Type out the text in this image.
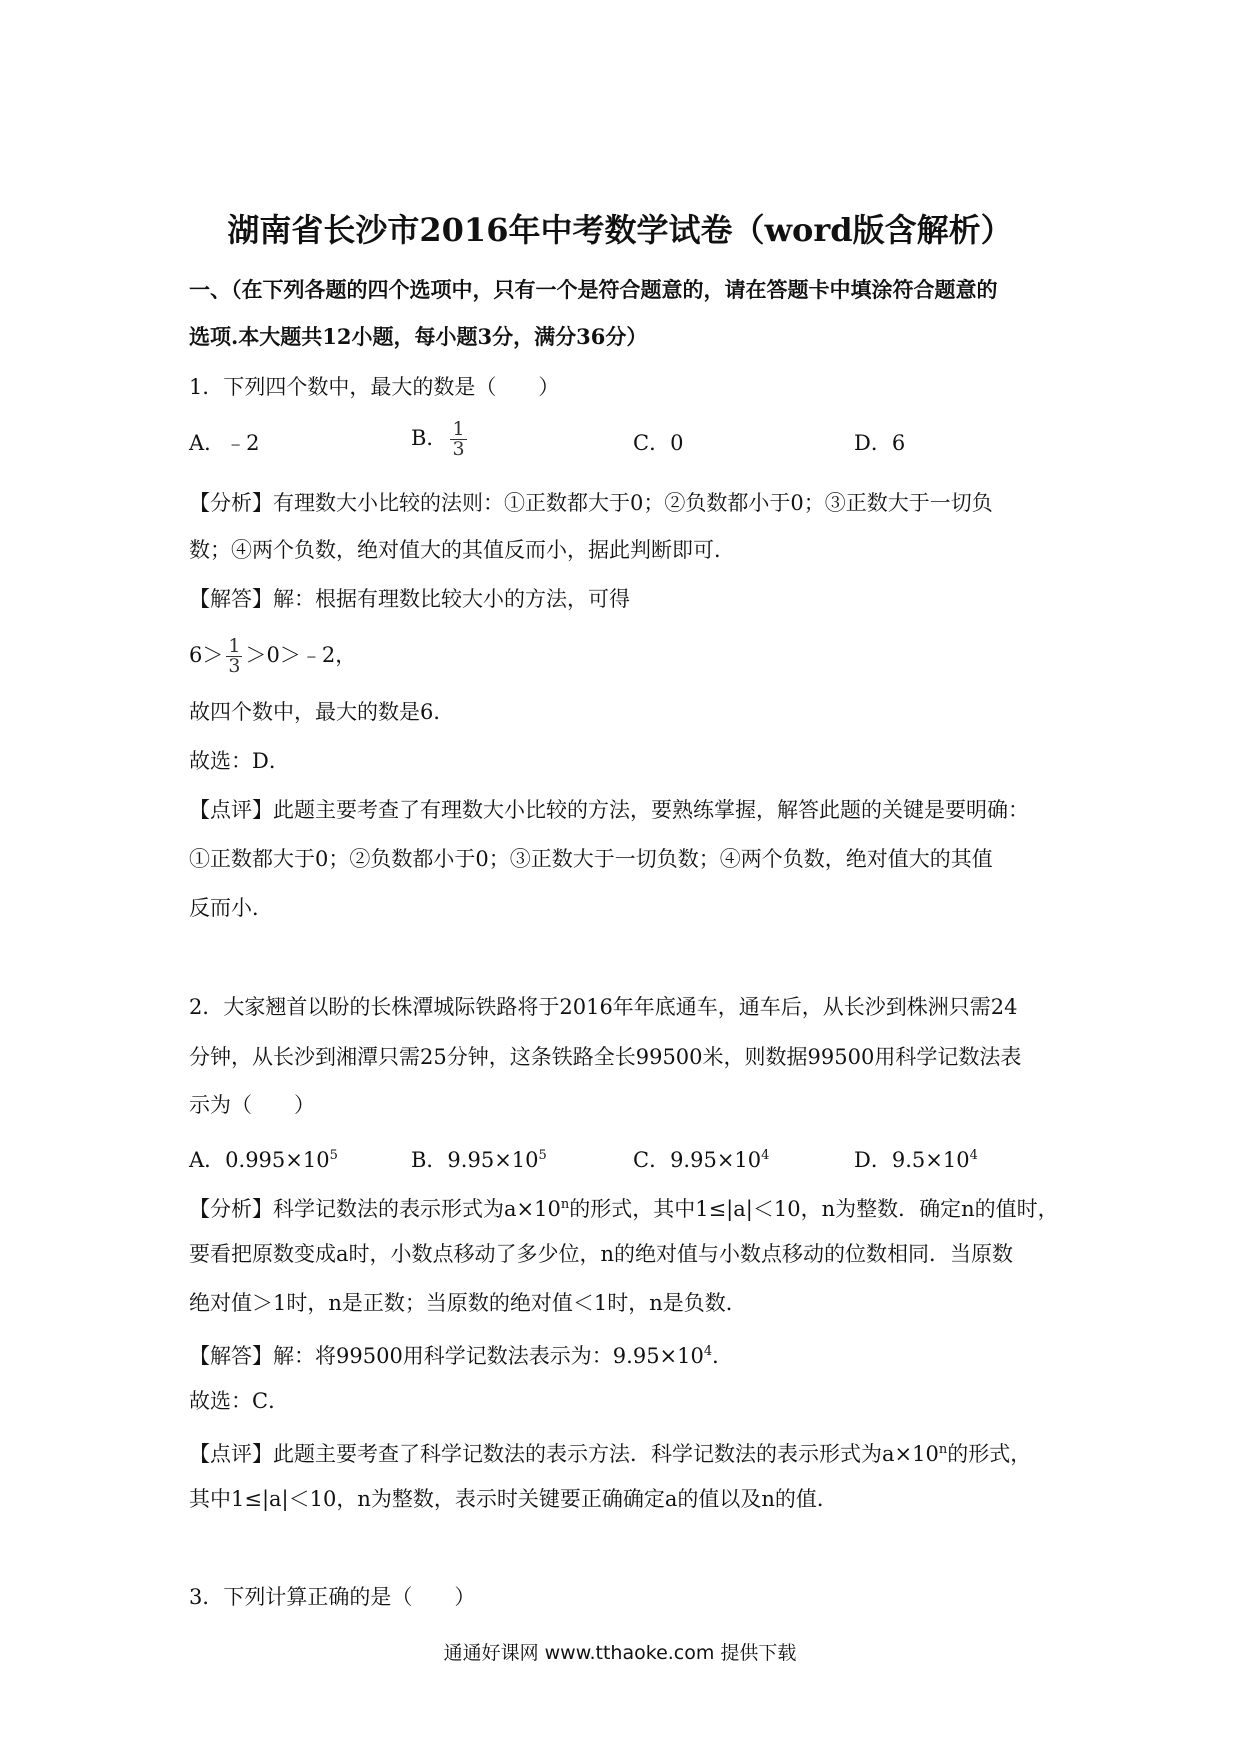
湖南省长沙市2016年中考数学试卷（word版含解析）
一、（在下列各题的四个选项中，只有一个是符合题意的，请在答题卡中填涂符合题意的
选项.本大题共12小题，每小题3分，满分36分）
1．下列四个数中，最大的数是（　　）
A．﹣2	B． $\frac{1}{3}$	C．0	D．6
【分析】有理数大小比较的法则：①正数都大于0；②负数都小于0；③正数大于一切负
数；④两个负数，绝对值大的其值反而小，据此判断即可．
【解答】解：根据有理数比较大小的方法，可得
$6> \frac{1}{3}$ ＞0＞﹣2，
故四个数中，最大的数是6．
故选：D．
【点评】此题主要考查了有理数大小比较的方法，要熟练掌握，解答此题的关键是要明确：
①正数都大于0；②负数都小于0；③正数大于一切负数；④两个负数，绝对值大的其值
反而小．
2．大家翘首以盼的长株潭城际铁路将于2016年年底通车，通车后，从长沙到株洲只需24
分钟，从长沙到湘潭只需25分钟，这条铁路全长99500米，则数据99500用科学记数法表
示为（　　）
A．$0.995\times 10^5$	B．$9.95\times 10^5$	C．$9.95\times 10^4$	D．$9.5\times 10^4$
【分析】科学记数法的表示形式为$a\times 10^n$的形式，其中1≤|a|＜10，n为整数．确定n的值时，
要看把原数变成a时，小数点移动了多少位，n的绝对值与小数点移动的位数相同．当原数
绝对值＞1时，n是正数；当原数的绝对值＜1时，n是负数．
【解答】解：将99500用科学记数法表示为：$9.95\times 10^4$．
故选：C．
【点评】此题主要考查了科学记数法的表示方法．科学记数法的表示形式为$a\times 10^n$的形式，
其中1≤|a|＜10，n为整数，表示时关键要正确确定a的值以及n的值．
3．下列计算正确的是（　　）
通通好课网 www.tthaoke.com 提供下载
